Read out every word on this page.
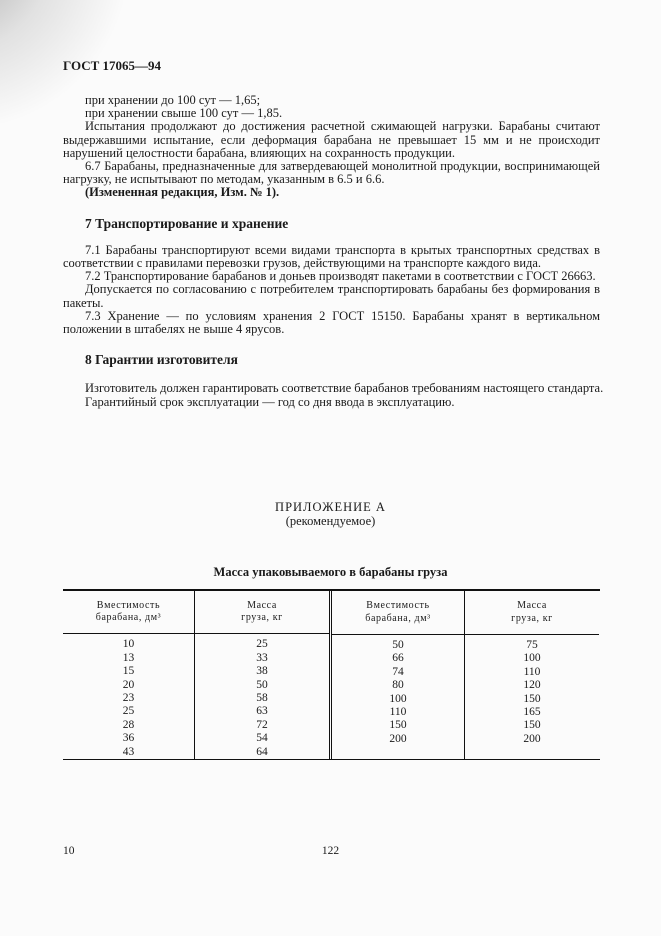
ГОСТ 17065—94

при хранении до 100 сут — 1,65;

при хранении свыше 100 сут — 1,85.

Испытания продолжают до достижения расчетной сжимающей нагрузки. Барабаны считают выдержавшими испытание, если деформация барабана не превышает 15 мм и не происходит нарушений целостности барабана, влияющих на сохранность продукции.

6.7 Барабаны, предназначенные для затвердевающей монолитной продукции, воспринимающей нагрузку, не испытывают по методам, указанным в 6.5 и 6.6.

(Измененная редакция, Изм. № 1).

7 Транспортирование и хранение

7.1 Барабаны транспортируют всеми видами транспорта в крытых транспортных средствах в соответствии с правилами перевозки грузов, действующими на транспорте каждого вида.

7.2 Транспортирование барабанов и доньев производят пакетами в соответствии с ГОСТ 26663.

Допускается по согласованию с потребителем транспортировать барабаны без формирования в пакеты.

7.3 Хранение — по условиям хранения 2 ГОСТ 15150. Барабаны хранят в вертикальном положении в штабелях не выше 4 ярусов.

8 Гарантии изготовителя

Изготовитель должен гарантировать соответствие барабанов требованиям настоящего стандарта.

Гарантийный срок эксплуатации — год со дня ввода в эксплуатацию.

ПРИЛОЖЕНИЕ А
(рекомендуемое)
Масса упаковываемого в барабаны груза
Вместимость
барабана, дм³
10
13
15
20
23
25
28
36
43
Масса
груза, кг
25
33
38
50
58
63
72
54
64
Вместимость
барабана, дм³
50
66
74
80
100
110
150
200
Масса
груза, кг
75
100
110
120
150
165
150
200
10	122
